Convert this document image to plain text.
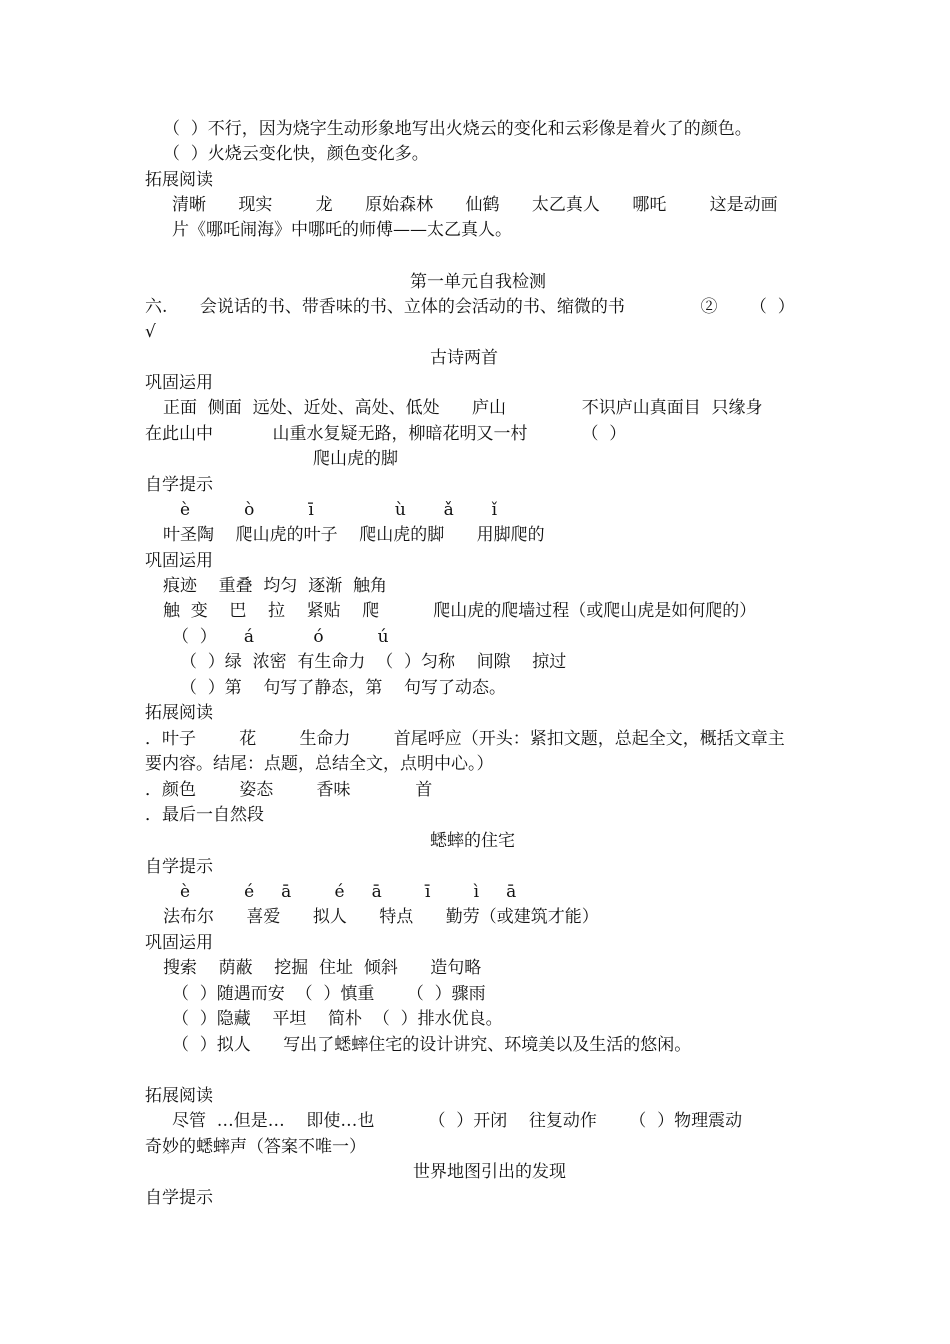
（  ）不行，因为烧字生动形象地写出火烧云的变化和云彩像是着火了的颜色。
（  ）火烧云变化快，颜色变化多。
拓展阅读
清晰      现实        龙      原始森林      仙鹤      太乙真人      哪吒        这是动画
片《哪吒闹海》中哪吒的师傅——太乙真人。
第一单元自我检测
六.      会说话的书、带香味的书、立体的会活动的书、缩微的书              ②      （  ）
√
古诗两首
巩固运用
正面  侧面  远处、近处、高处、低处      庐山              不识庐山真面目  只缘身
在此山中           山重水复疑无路，柳暗花明又一村          （  ）
爬山虎的脚
自学提示
è          ò          ī               ù       ǎ       ǐ
叶圣陶    爬山虎的叶子    爬山虎的脚      用脚爬的
巩固运用
痕迹    重叠  均匀  逐渐  触角
触  变    巴    拉    紧贴    爬          爬山虎的爬墙过程（或爬山虎是如何爬的）
（  ）     á           ó          ú
（  ）绿  浓密  有生命力  （  ）匀称    间隙    掠过
（  ）第    句写了静态，第    句写了动态。
拓展阅读
．叶子        花        生命力        首尾呼应（开头：紧扣文题，总起全文，概括文章主
要内容。结尾：点题，总结全文，点明中心。）
．颜色        姿态        香味            首
．最后一自然段
蟋蟀的住宅
自学提示
è          é     ā        é     ā        ī        ì     ā
法布尔      喜爱      拟人      特点      勤劳（或建筑才能）
巩固运用
搜索    荫蔽    挖掘  住址  倾斜      造句略
（  ）随遇而安  （  ）慎重      （  ）骤雨
（  ）隐藏    平坦    简朴  （  ）排水优良。
（  ）拟人      写出了蟋蟀住宅的设计讲究、环境美以及生活的悠闲。
拓展阅读
尽管  …但是…    即使…也          （  ）开闭    往复动作      （  ）物理震动
奇妙的蟋蟀声（答案不唯一）
世界地图引出的发现
自学提示
